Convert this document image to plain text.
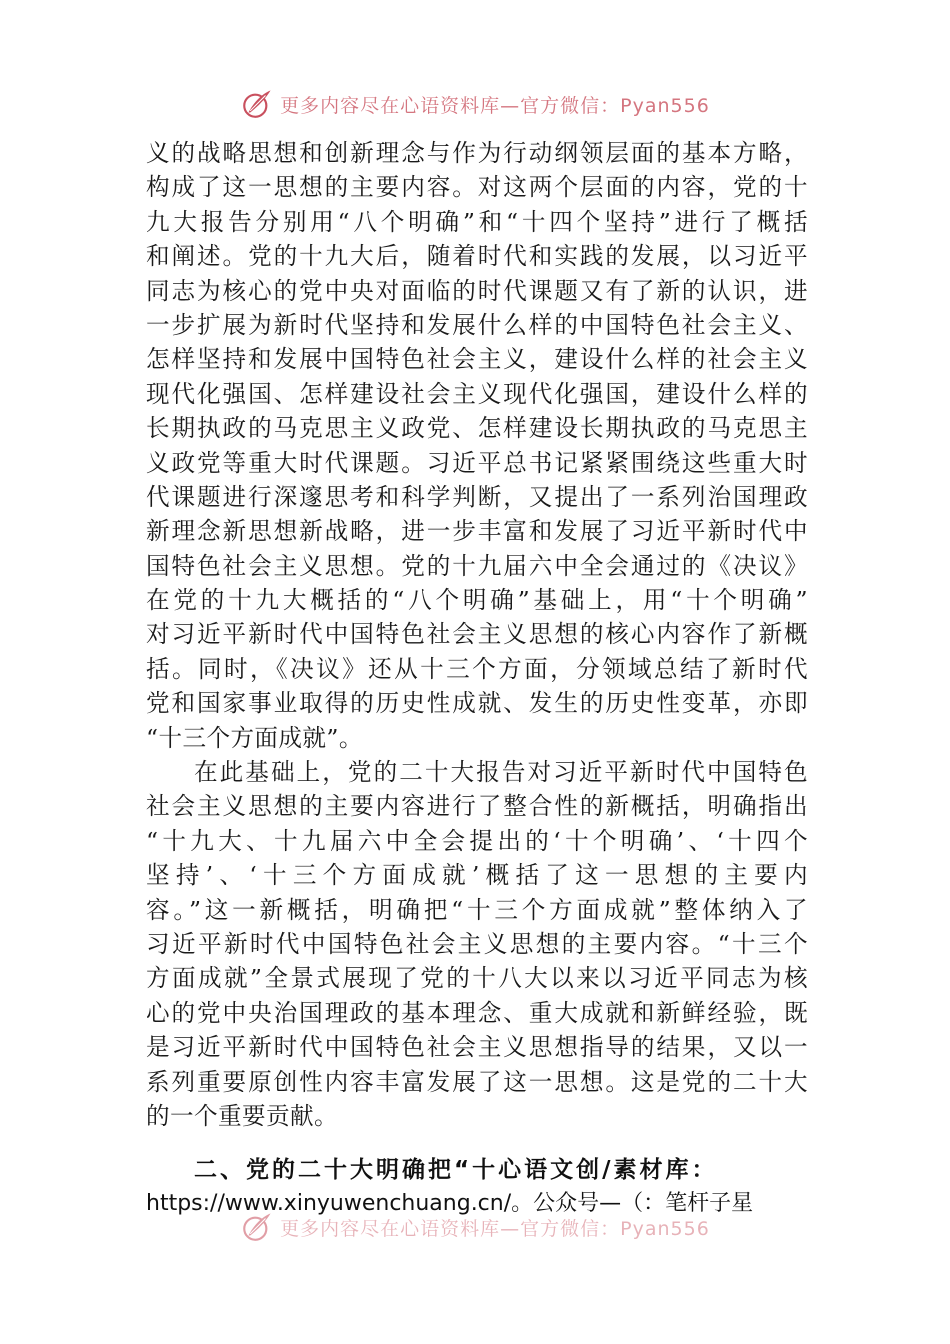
更多内容尽在心语资料库—官方微信：Pyan556

义的战略思想和创新理念与作为行动纲领层面的基本方略，
构成了这一思想的主要内容。对这两个层面的内容，党的十
九大报告分别用“八个明确”和“十四个坚持”进行了概括
和阐述。党的十九大后，随着时代和实践的发展，以习近平
同志为核心的党中央对面临的时代课题又有了新的认识，进
一步扩展为新时代坚持和发展什么样的中国特色社会主义、
怎样坚持和发展中国特色社会主义，建设什么样的社会主义
现代化强国、怎样建设社会主义现代化强国，建设什么样的
长期执政的马克思主义政党、怎样建设长期执政的马克思主
义政党等重大时代课题。习近平总书记紧紧围绕这些重大时
代课题进行深邃思考和科学判断，又提出了一系列治国理政
新理念新思想新战略，进一步丰富和发展了习近平新时代中
国特色社会主义思想。党的十九届六中全会通过的《决议》
在党的十九大概括的“八个明确”基础上，用“十个明确”
对习近平新时代中国特色社会主义思想的核心内容作了新概
括。同时，《决议》还从十三个方面，分领域总结了新时代
党和国家事业取得的历史性成就、发生的历史性变革，亦即
“十三个方面成就”。

在此基础上，党的二十大报告对习近平新时代中国特色
社会主义思想的主要内容进行了整合性的新概括，明确指出
“十九大、十九届六中全会提出的‘十个明确’、‘十四个
坚持’、‘十三个方面成就’概括了这一思想的主要内
容。”这一新概括，明确把“十三个方面成就”整体纳入了
习近平新时代中国特色社会主义思想的主要内容。“十三个
方面成就”全景式展现了党的十八大以来以习近平同志为核
心的党中央治国理政的基本理念、重大成就和新鲜经验，既
是习近平新时代中国特色社会主义思想指导的结果，又以一
系列重要原创性内容丰富发展了这一思想。这是党的二十大
的一个重要贡献。

二、党的二十大明确把“十心语文创/素材库：
https://www.xinyuwenchuang.cn/。公众号—（：笔杆子星
更多内容尽在心语资料库—官方微信：Pyan556
